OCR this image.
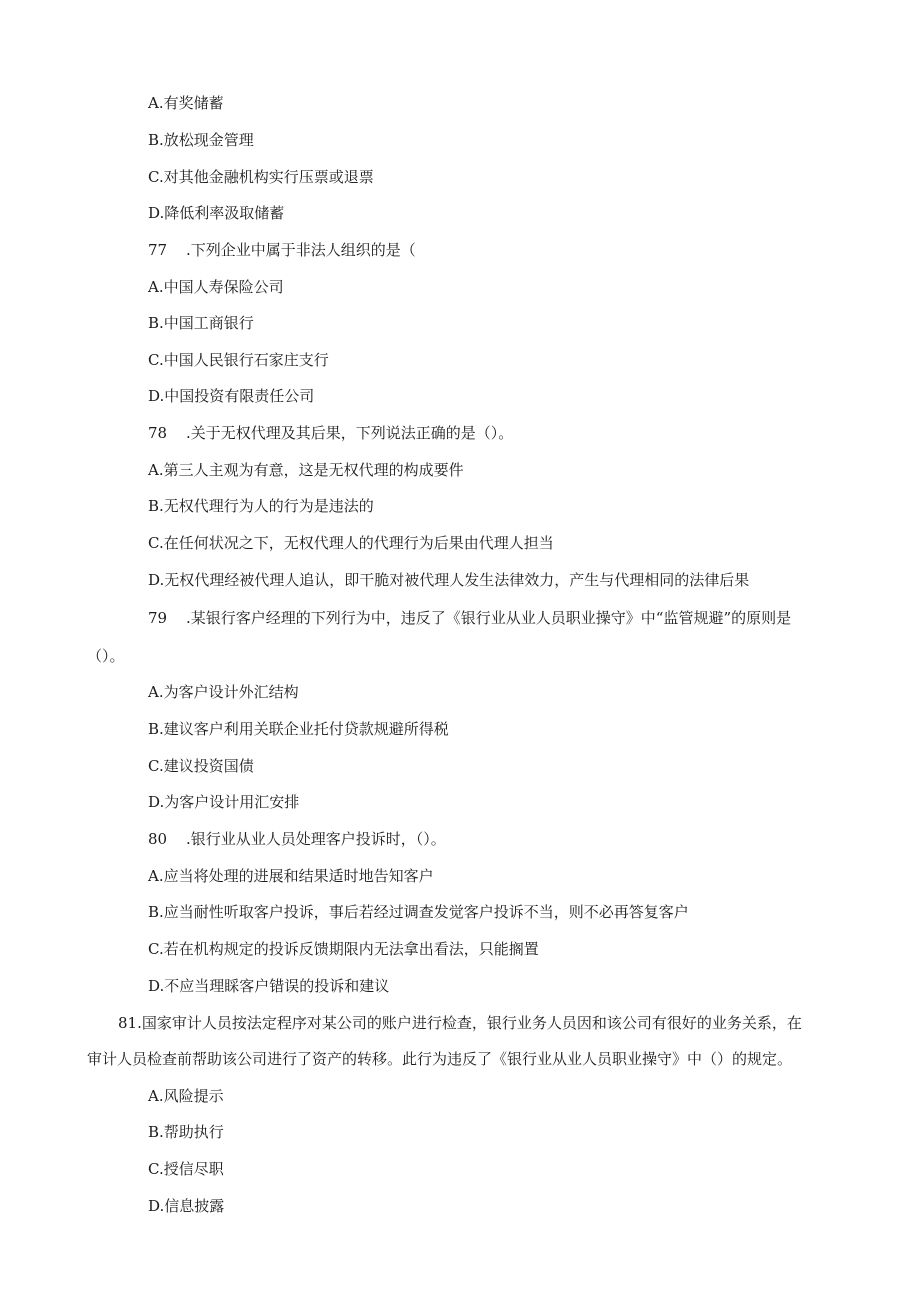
A.有奖储蓄
B.放松现金管理
C.对其他金融机构实行压票或退票
D.降低利率汲取储蓄
77 .下列企业中属于非法人组织的是（
A.中国人寿保险公司
B.中国工商银行
C.中国人民银行石家庄支行
D.中国投资有限责任公司
78 .关于无权代理及其后果，下列说法正确的是（）。
A.第三人主观为有意，这是无权代理的构成要件
B.无权代理行为人的行为是违法的
C.在任何状况之下，无权代理人的代理行为后果由代理人担当
D.无权代理经被代理人追认，即干脆对被代理人发生法律效力，产生与代理相同的法律后果
79 .某银行客户经理的下列行为中，违反了《银行业从业人员职业操守》中“监管规避”的原则是
（）。
A.为客户设计外汇结构
B.建议客户利用关联企业托付贷款规避所得税
C.建议投资国债
D.为客户设计用汇安排
80 .银行业从业人员处理客户投诉时，（）。
A.应当将处理的进展和结果适时地告知客户
B.应当耐性听取客户投诉，事后若经过调查发觉客户投诉不当，则不必再答复客户
C.若在机构规定的投诉反馈期限内无法拿出看法，只能搁置
D.不应当理睬客户错误的投诉和建议
81.国家审计人员按法定程序对某公司的账户进行检查，银行业务人员因和该公司有很好的业务关系，在
审计人员检查前帮助该公司进行了资产的转移。此行为违反了《银行业从业人员职业操守》中（）的规定。
A.风险提示
B.帮助执行
C.授信尽职
D.信息披露
